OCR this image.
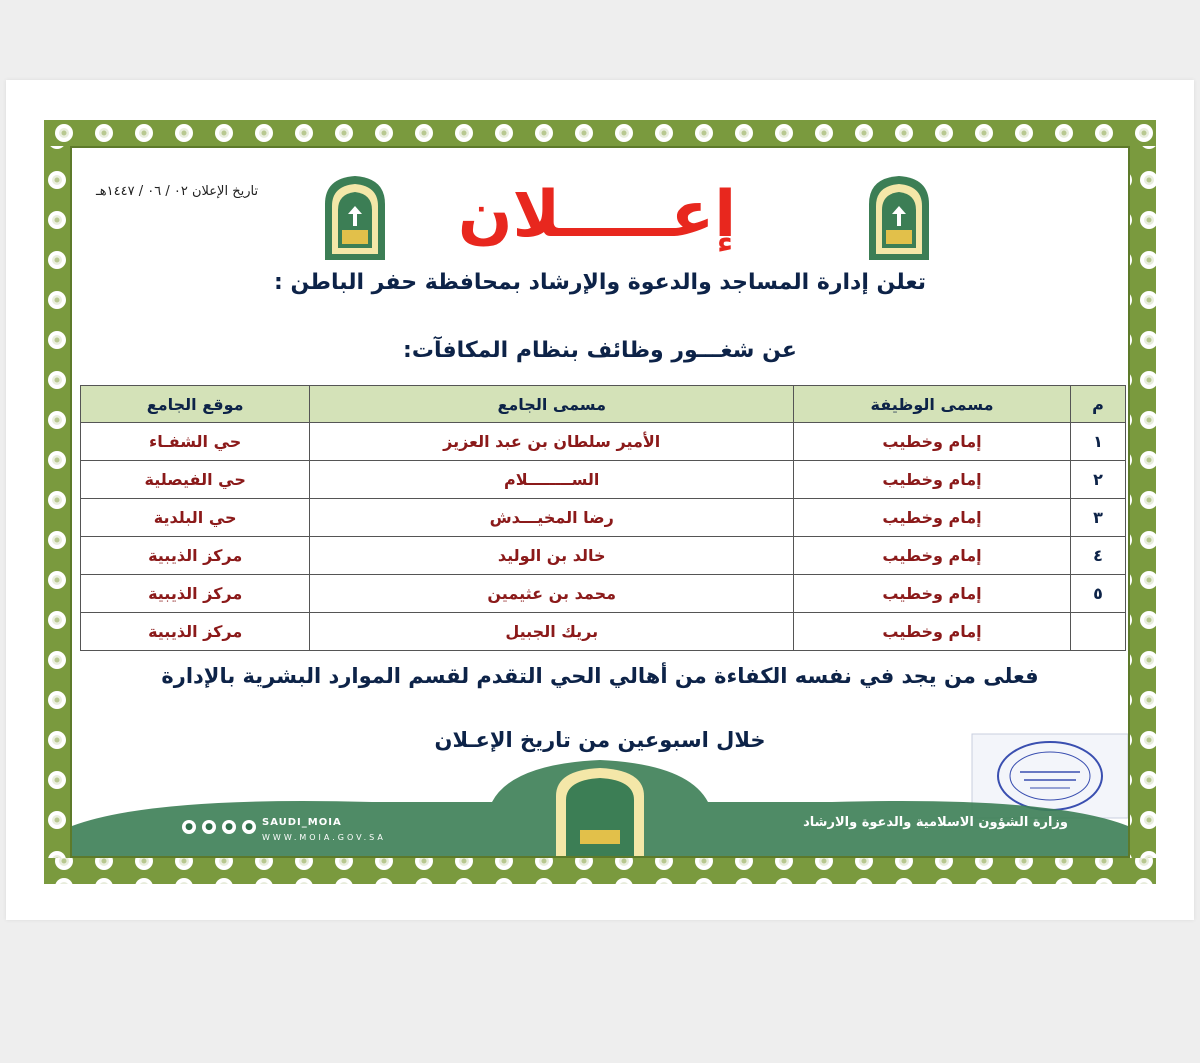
تاريخ الإعلان ٠٢ / ٠٦ / ١٤٤٧هـ	إعـــــلان
تعلن إدارة المساجد والدعوة والإرشاد بمحافظة حفر الباطن :
عن شغـــور وظائف بنظام المكافآت:
م	مسمى الوظيفة	مسمى الجامع	موقع الجامع
١	إمام وخطيب	الأمير سلطان بن عبد العزيز	حي الشفـاء
٢	إمام وخطيب	الســــــــلام	حي الفيصلية
٣	إمام وخطيب	رضا المخيـــدش	حي البلدية
٤	إمام وخطيب	خالد بن الوليد	مركز الذيبية
٥	إمام وخطيب	محمد بن عثيمين	مركز الذيبية
	إمام وخطيب	بريك الجبيل	مركز الذيبية
فعلى من يجد في نفسه الكفاءة من أهالي الحي التقدم لقسم الموارد البشرية بالإدارة
خلال اسبوعين من تاريخ الإعـلان
●	●	●	● SAUDI_MOIA
WWW.MOIA.GOV.SA
وزارة الشؤون الاسلامية والدعوة والارشاد
